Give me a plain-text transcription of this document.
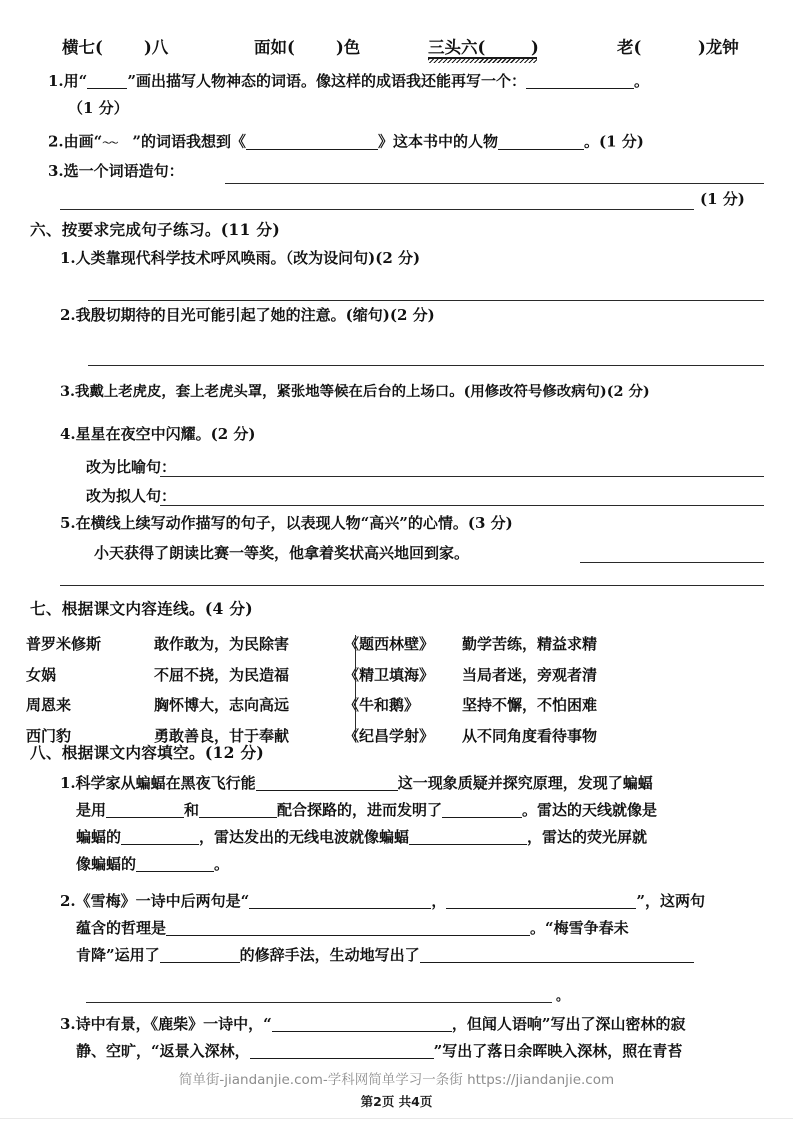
横七( )八	面如( )色	三头六(	)	老(	)龙钟
1.用“	”画出描写人物神态的词语。像这样的成语我还能再写一个：	。
（1 分）
2.由画“ 〜〜 ”的词语我想到《	》这本书中的人物	。(1 分)
3.选一个词语造句：
(1 分)
六、按要求完成句子练习。(11 分)
1.人类靠现代科学技术呼风唤雨。（改为设问句)(2 分)
2.我殷切期待的目光可能引起了她的注意。(缩句)(2 分)
3.我戴上老虎皮，套上老虎头罩，紧张地等候在后台的上场口。(用修改符号修改病句)(2 分)
4.星星在夜空中闪耀。(2 分)
改为比喻句：
改为拟人句：
5.在横线上续写动作描写的句子，以表现人物“高兴”的心情。(3 分)
小天获得了朗读比赛一等奖，他拿着奖状高兴地回到家。
七、根据课文内容连线。(4 分)
普罗米修斯	敢作敢为，为民除害	《题西林壁》	勤学苦练，精益求精
女娲	不屈不挠，为民造福	《精卫填海》	当局者迷，旁观者清
周恩来	胸怀博大，志向高远	《牛和鹅》	坚持不懈，不怕困难
西门豹	勇敢善良，甘于奉献	《纪昌学射》	从不同角度看待事物
八、根据课文内容填空。(12 分)
1.科学家从蝙蝠在黑夜飞行能	这一现象质疑并探究原理，发现了蝙蝠
是用	和	配合探路的，进而发明了	。雷达的天线就像是
蝙蝠的	，雷达发出的无线电波就像蝙蝠	，雷达的荧光屏就
像蝙蝠的	。
2.《雪梅》一诗中后两句是“	，	”，这两句
蕴含的哲理是	。“梅雪争春未
肯降”运用了	的修辞手法，生动地写出了
。
3.诗中有景，《鹿柴》一诗中，“	，但闻人语响”写出了深山密林的寂
静、空旷，“返景入深林，	”写出了落日余晖映入深林，照在青苔
简单街-jiandanjie.com-学科网简单学习一条街 https://jiandanjie.com
第2页 共4页
